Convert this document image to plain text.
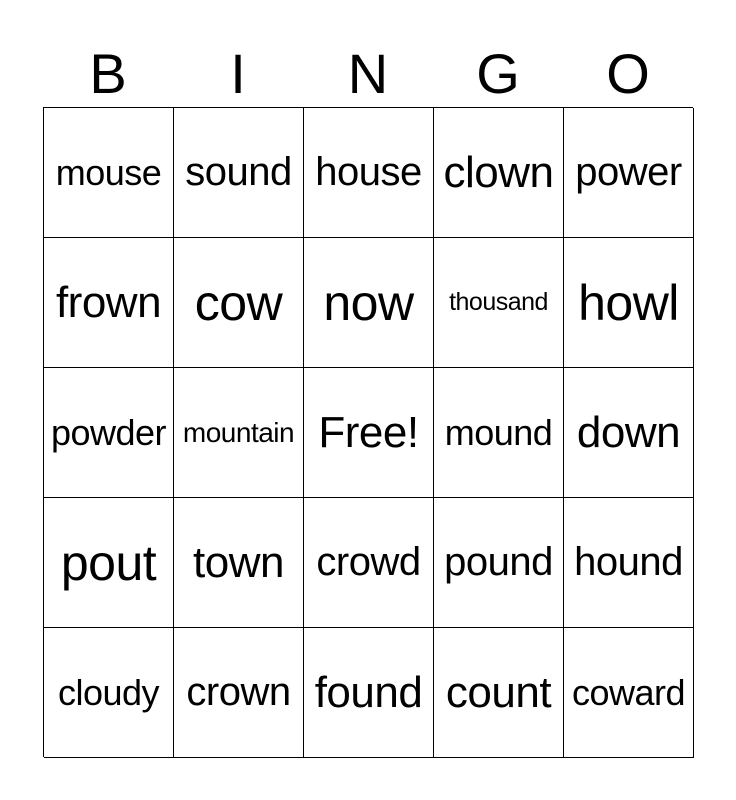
B	I	N	G	O
mouse sound house clown power
frown cow now	thousand howl
powder mountain Free! mound down
pout town crowd pound hound
cloudy crown found count coward
